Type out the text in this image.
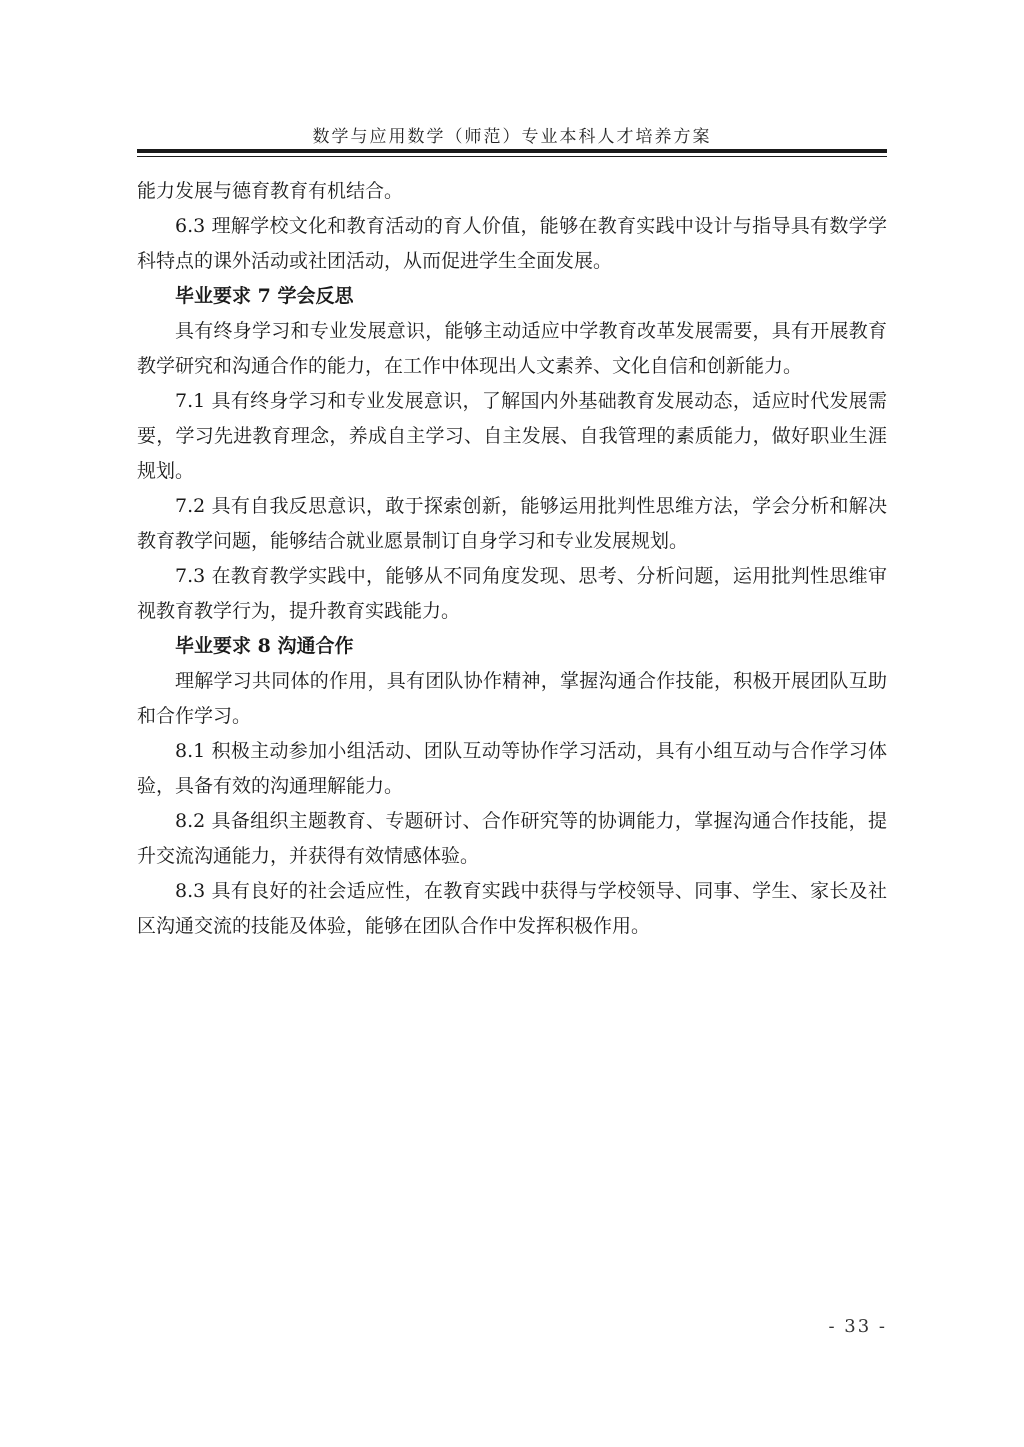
数学与应用数学（师范）专业本科人才培养方案

能力发展与德育教育有机结合。

6.3 理解学校文化和教育活动的育人价值，能够在教育实践中设计与指导具有数学学科特点的课外活动或社团活动，从而促进学生全面发展。

毕业要求 7 学会反思

具有终身学习和专业发展意识，能够主动适应中学教育改革发展需要，具有开展教育教学研究和沟通合作的能力，在工作中体现出人文素养、文化自信和创新能力。

7.1 具有终身学习和专业发展意识，了解国内外基础教育发展动态，适应时代发展需要，学习先进教育理念，养成自主学习、自主发展、自我管理的素质能力，做好职业生涯规划。

7.2 具有自我反思意识，敢于探索创新，能够运用批判性思维方法，学会分析和解决教育教学问题，能够结合就业愿景制订自身学习和专业发展规划。

7.3 在教育教学实践中，能够从不同角度发现、思考、分析问题，运用批判性思维审视教育教学行为，提升教育实践能力。

毕业要求 8 沟通合作

理解学习共同体的作用，具有团队协作精神，掌握沟通合作技能，积极开展团队互助和合作学习。

8.1 积极主动参加小组活动、团队互动等协作学习活动，具有小组互动与合作学习体验，具备有效的沟通理解能力。

8.2 具备组织主题教育、专题研讨、合作研究等的协调能力，掌握沟通合作技能，提升交流沟通能力，并获得有效情感体验。

8.3 具有良好的社会适应性，在教育实践中获得与学校领导、同事、学生、家长及社区沟通交流的技能及体验，能够在团队合作中发挥积极作用。

- 33 -
